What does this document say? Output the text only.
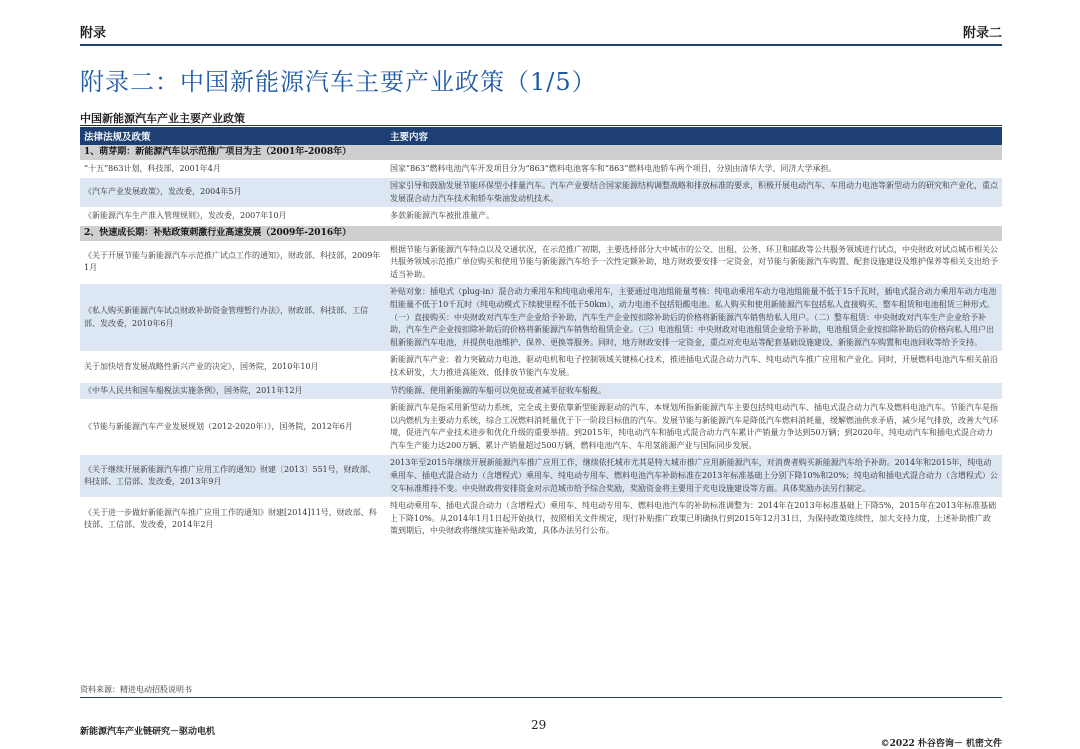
附录	附录二
附录二：中国新能源汽车主要产业政策（1/5）
中国新能源汽车产业主要产业政策
法律法规及政策	主要内容
1、萌芽期：新能源汽车以示范推广项目为主（2001年-2008年）	
“十五”863计划，科技部，2001年4月	国家“863”燃料电池汽车开发项目分为“863”燃料电池客车和“863”燃料电池轿车两个项目，分别由清华大学、同济大学承担。
《汽车产业发展政策》，发改委，2004年5月	国家引导和鼓励发展节能环保型小排量汽车。汽车产业要结合国家能源结构调整战略和排放标准的要求，积极开展电动汽车、车用动力电池等新型动力的研究和产业化，重点发展混合动力汽车技术和轿车柴油发动机技术。
《新能源汽车生产准入管理规则》，发改委，2007年10月	多款新能源汽车被批准量产。
2、快速成长期：补贴政策刺激行业高速发展（2009年-2016年）	
《关于开展节能与新能源汽车示范推广试点工作的通知》，财政部、科技部，2009年1月	根据节能与新能源汽车特点以及交通状况，在示范推广初期，主要选择部分大中城市的公交、出租、公务、环卫和邮政等公共服务领域进行试点，中央财政对试点城市相关公共服务领域示范推广单位购买和使用节能与新能源汽车给予一次性定额补助，地方财政要安排一定资金，对节能与新能源汽车购置、配套设施建设及维护保养等相关支出给予适当补助。
《私人购买新能源汽车试点财政补助资金管理暂行办法》，财政部、科技部、工信部、发改委，2010年6月	补贴对象：插电式（plug-in）混合动力乘用车和纯电动乘用车，主要通过电池组能量考核：纯电动乘用车动力电池组能量不低于15千瓦时，插电式混合动力乘用车动力电池组能量不低于10千瓦时（纯电动模式下续驶里程不低于50km），动力电池不包括铅酸电池。私人购买和使用新能源汽车包括私人直接购买、整车租赁和电池租赁三种形式。（一）直接购买：中央财政对汽车生产企业给予补助，汽车生产企业按扣除补助后的价格将新能源汽车销售给私人用户。（二）整车租赁：中央财政对汽车生产企业给予补助，汽车生产企业按扣除补助后的价格将新能源汽车销售给租赁企业。（三）电池租赁：中央财政对电池租赁企业给予补助，电池租赁企业按扣除补助后的价格向私人用户出租新能源汽车电池，并提供电池维护、保养、更换等服务。同时，地方财政安排一定资金，重点对充电站等配套基础设施建设、新能源汽车购置和电池回收等给予支持。
关于加快培育发展战略性新兴产业的决定》，国务院，2010年10月	新能源汽车产业：着力突破动力电池、驱动电机和电子控制领域关键核心技术，推进插电式混合动力汽车、纯电动汽车推广应用和产业化。同时，开展燃料电池汽车相关前沿技术研发，大力推进高能效、低排放节能汽车发展。
《中华人民共和国车船税法实施条例》，国务院，2011年12月	节约能源、使用新能源的车船可以免征或者减半征收车船税。
《节能与新能源汽车产业发展规划（2012-2020年）》，国务院，2012年6月	新能源汽车是指采用新型动力系统，完全或主要依靠新型能源驱动的汽车，本规划所指新能源汽车主要包括纯电动汽车、插电式混合动力汽车及燃料电池汽车。节能汽车是指以内燃机为主要动力系统，综合工况燃料消耗量优于下一阶段目标值的汽车。发展节能与新能源汽车是降低汽车燃料消耗量，缓解燃油供求矛盾，减少尾气排放，改善大气环境，促进汽车产业技术进步和优化升级的重要举措。到2015年，纯电动汽车和插电式混合动力汽车累计产销量力争达到50万辆；到2020年，纯电动汽车和插电式混合动力汽车生产能力达200万辆、累计产销量超过500万辆，燃料电池汽车、车用氢能源产业与国际同步发展。
《关于继续开展新能源汽车推广应用工作的通知》财建〔2013〕551号，财政部、科技部、工信部、发改委，2013年9月	2013年至2015年继续开展新能源汽车推广应用工作，继续依托城市尤其是特大城市推广应用新能源汽车，对消费者购买新能源汽车给予补助。2014年和2015年，纯电动乘用车、插电式混合动力（含增程式）乘用车、纯电动专用车、燃料电池汽车补助标准在2013年标准基础上分别下降10%和20%；纯电动和插电式混合动力（含增程式）公交车标准维持不变。中央财政将安排资金对示范城市给予综合奖励，奖励资金将主要用于充电设施建设等方面。具体奖励办法另行制定。
《关于进一步做好新能源汽车推广应用工作的通知》财建[2014]11号，财政部、科技部、工信部、发改委，2014年2月	纯电动乘用车、插电式混合动力（含增程式）乘用车、纯电动专用车、燃料电池汽车的补助标准调整为：2014年在2013年标准基础上下降5%，2015年在2013年标准基础上下降10%。从2014年1月1日起开始执行，按照相关文件规定，现行补贴推广政策已明确执行到2015年12月31日，为保持政策连续性，加大支持力度，上述补助推广政策到期后，中央财政将继续实施补贴政策，具体办法另行公布。
资料来源：精进电动招股说明书
新能源汽车产业链研究－驱动电机	29
©2022 朴谷咨询－ 机密文件
